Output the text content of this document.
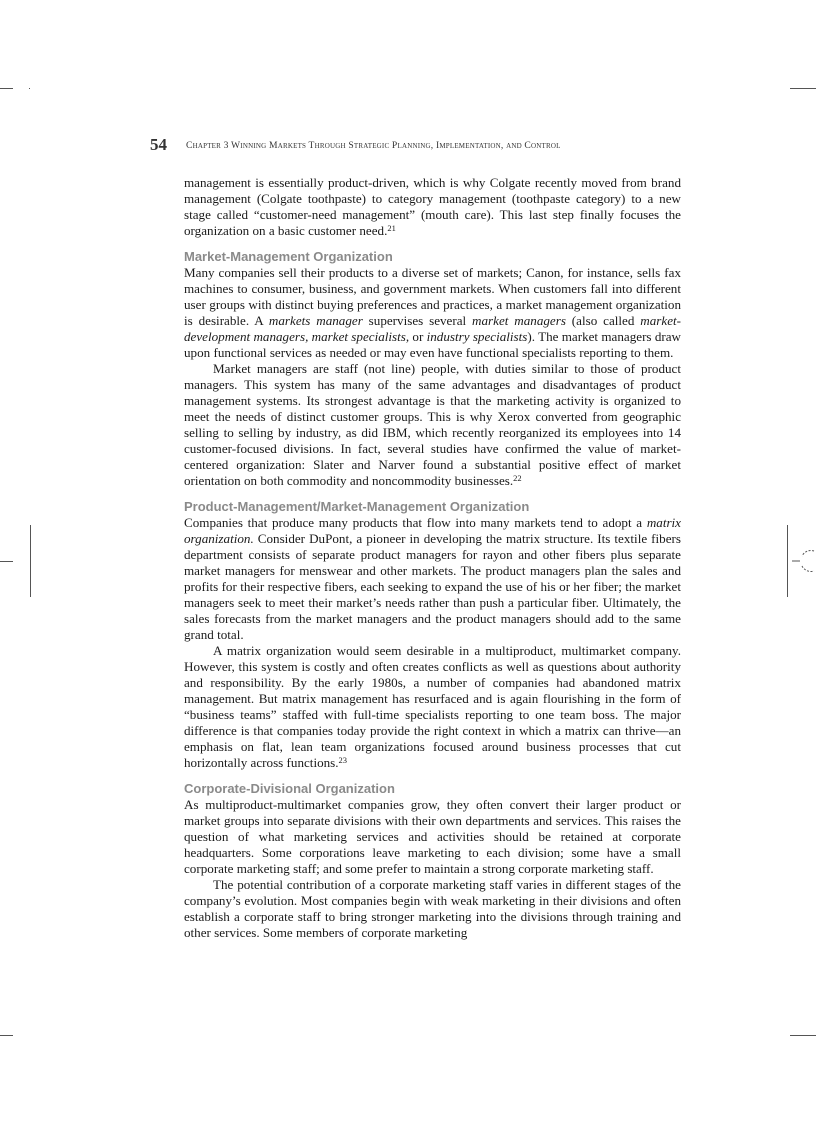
54 Chapter 3 Winning Markets Through Strategic Planning, Implementation, and Control

management is essentially product-driven, which is why Colgate recently moved from brand management (Colgate toothpaste) to category management (toothpaste category) to a new stage called “customer-need management” (mouth care). This last step finally focuses the organization on a basic customer need.$^{21}$

Market-Management Organization

Many companies sell their products to a diverse set of markets; Canon, for instance, sells fax machines to consumer, business, and government markets. When customers fall into different user groups with distinct buying preferences and practices, a market management organization is desirable. A markets manager supervises several market managers (also called market-development managers, market specialists, or industry specialists). The market managers draw upon functional services as needed or may even have functional specialists reporting to them.

Market managers are staff (not line) people, with duties similar to those of product managers. This system has many of the same advantages and disadvantages of product management systems. Its strongest advantage is that the marketing activity is organized to meet the needs of distinct customer groups. This is why Xerox converted from geographic selling to selling by industry, as did IBM, which recently reorganized its employees into 14 customer-focused divisions. In fact, several studies have confirmed the value of market-centered organization: Slater and Narver found a substantial positive effect of market orientation on both commodity and noncommodity businesses.$^{22}$

Product-Management/Market-Management Organization

Companies that produce many products that flow into many markets tend to adopt a matrix organization. Consider DuPont, a pioneer in developing the matrix structure. Its textile fibers department consists of separate product managers for rayon and other fibers plus separate market managers for menswear and other markets. The product managers plan the sales and profits for their respective fibers, each seeking to expand the use of his or her fiber; the market managers seek to meet their market’s needs rather than push a particular fiber. Ultimately, the sales forecasts from the market managers and the product managers should add to the same grand total.

A matrix organization would seem desirable in a multiproduct, multimarket company. However, this system is costly and often creates conflicts as well as questions about authority and responsibility. By the early 1980s, a number of companies had abandoned matrix management. But matrix management has resurfaced and is again flourishing in the form of “business teams” staffed with full-time specialists reporting to one team boss. The major difference is that companies today provide the right context in which a matrix can thrive—an emphasis on flat, lean team organizations focused around business processes that cut horizontally across functions.$^{23}$

Corporate-Divisional Organization

As multiproduct-multimarket companies grow, they often convert their larger product or market groups into separate divisions with their own departments and services. This raises the question of what marketing services and activities should be retained at corporate headquarters. Some corporations leave marketing to each division; some have a small corporate marketing staff; and some prefer to maintain a strong corporate marketing staff.

The potential contribution of a corporate marketing staff varies in different stages of the company’s evolution. Most companies begin with weak marketing in their divisions and often establish a corporate staff to bring stronger marketing into the divisions through training and other services. Some members of corporate marketing
